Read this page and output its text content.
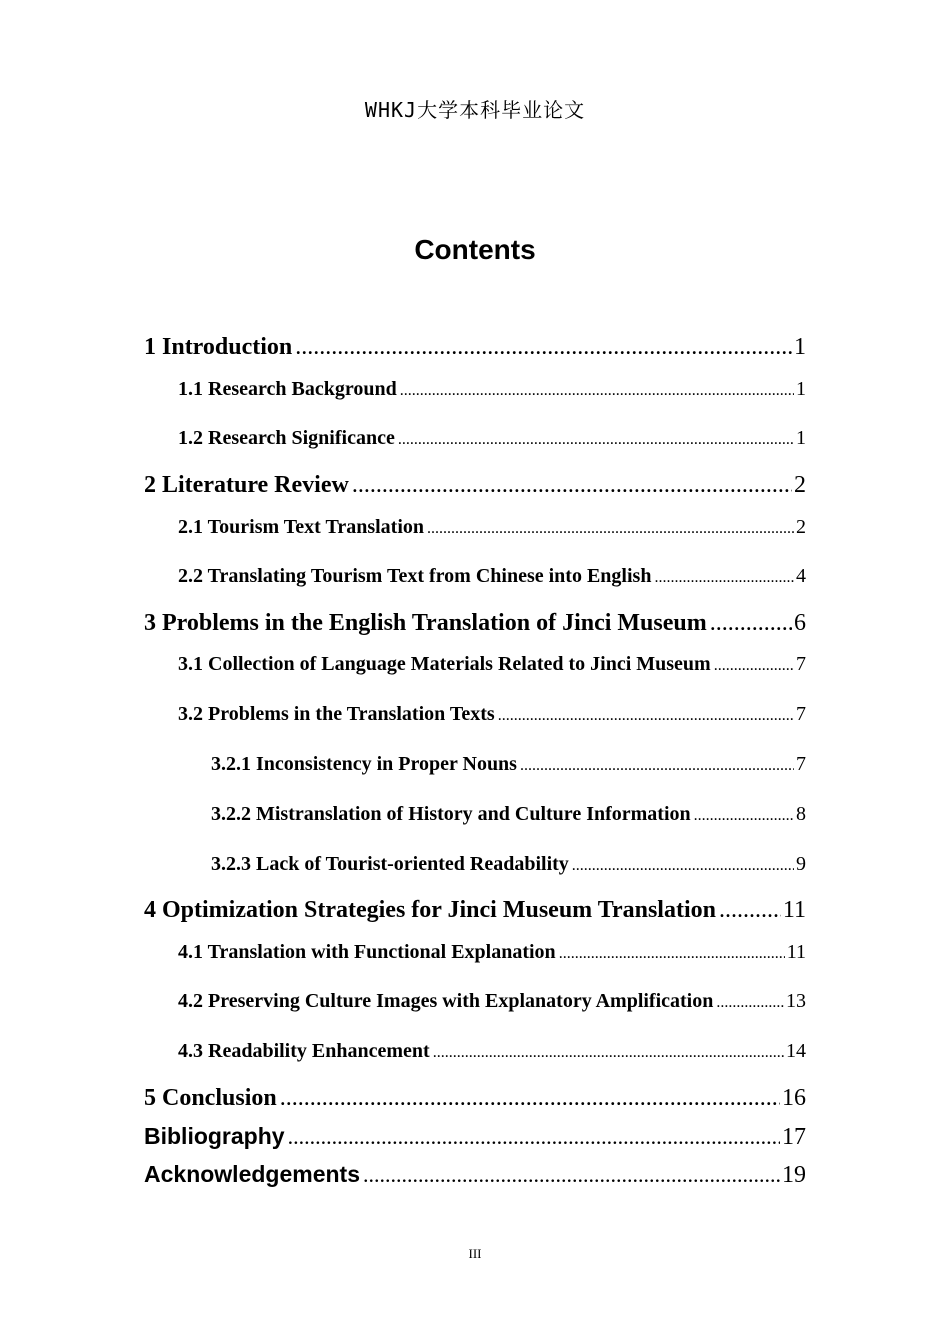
WHKJ大学本科毕业论文
Contents
1 Introduction .....	1
1.1 Research Background .....	1
1.2 Research Significance .....	1
2 Literature Review .....	2
2.1 Tourism Text Translation .....	2
2.2 Translating Tourism Text from Chinese into English .....	4
3 Problems in the English Translation of Jinci Museum .....	6
3.1 Collection of Language Materials Related to Jinci Museum .....	7
3.2 Problems in the Translation Texts .....	7
3.2.1 Inconsistency in Proper Nouns .....	7
3.2.2 Mistranslation of History and Culture Information .....	8
3.2.3 Lack of Tourist-oriented Readability .....	9
4 Optimization Strategies for Jinci Museum Translation .....	11
4.1 Translation with Functional Explanation .....	11
4.2 Preserving Culture Images with Explanatory Amplification .....	13
4.3 Readability Enhancement .....	14
5 Conclusion .....	16
Bibliography .....	17
Acknowledgements .....	19
III
